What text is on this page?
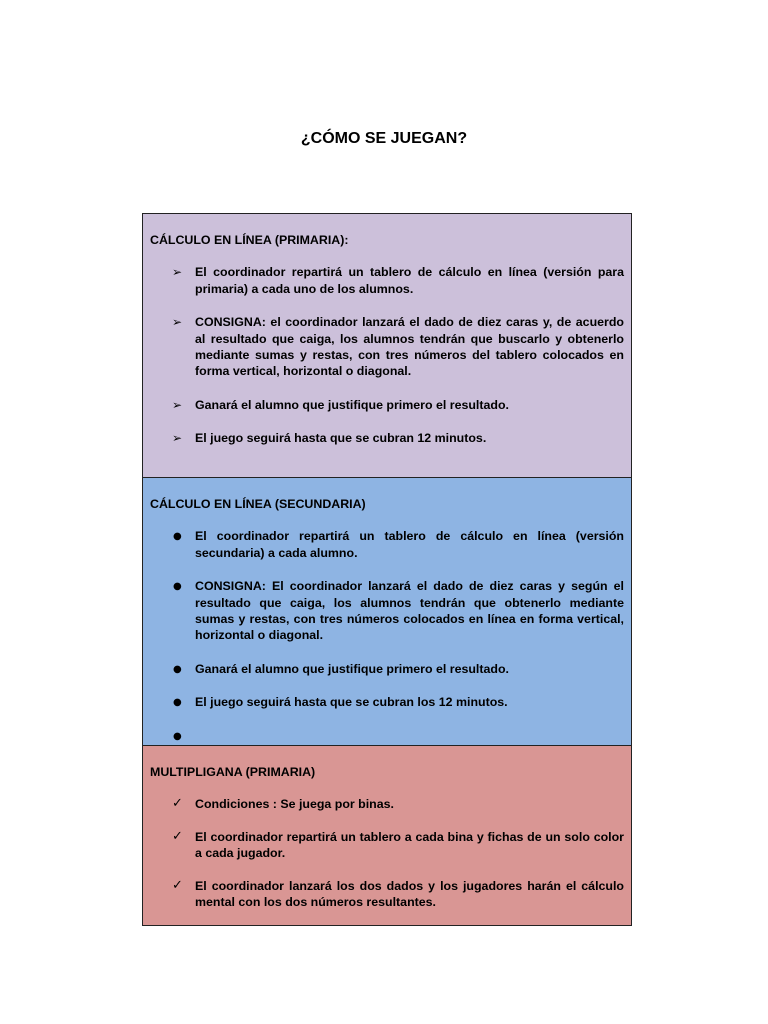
¿CÓMO SE JUEGAN?
CÁLCULO EN LÍNEA (PRIMARIA):
➢	El coordinador repartirá un tablero de cálculo en línea (versión para primaria) a cada uno de los alumnos.
➢	CONSIGNA: el coordinador lanzará el dado de diez caras y, de acuerdo al resultado que caiga, los alumnos tendrán que buscarlo y obtenerlo mediante sumas y restas, con tres números del tablero colocados en forma vertical, horizontal o diagonal.
➢	Ganará el alumno que justifique primero el resultado.
➢	El juego seguirá hasta que se cubran 12 minutos.
CÁLCULO EN LÍNEA (SECUNDARIA)
●	El coordinador repartirá un tablero de cálculo en línea (versión secundaria) a cada alumno.
●	CONSIGNA: El coordinador lanzará el dado de diez caras y según el resultado que caiga, los alumnos tendrán que obtenerlo mediante sumas y restas, con tres números colocados en línea en forma vertical, horizontal o diagonal.
●	Ganará el alumno que justifique primero el resultado.
●	El juego seguirá hasta que se cubran los 12 minutos.
●

MULTIPLIGANA (PRIMARIA)
✓ Condiciones : Se juega por binas.
✓ El coordinador repartirá un tablero a cada bina y fichas de un solo color a cada jugador.
✓ El coordinador lanzará los dos dados y los jugadores harán el cálculo mental con los dos números resultantes.
